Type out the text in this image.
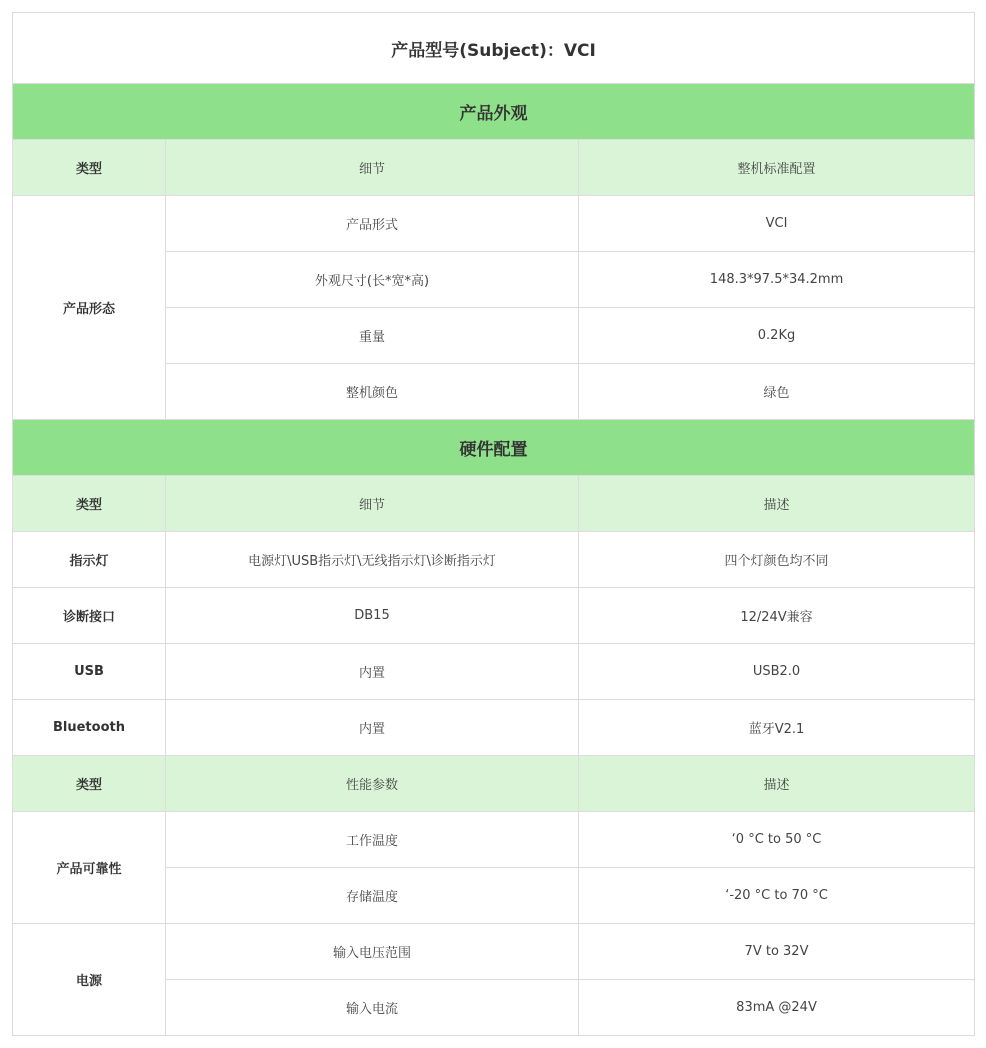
产品型号(Subject)：VCI		
产品外观		
类型	细节	整机标准配置
产品形态	产品形式	VCI
	外观尺寸(长*宽*高)	148.3*97.5*34.2mm
	重量	0.2Kg
	整机颜色	绿色
硬件配置		
类型	细节	描述
指示灯	电源灯\USB指示灯\无线指示灯\诊断指示灯	四个灯颜色均不同
诊断接口	DB15	12/24V兼容
USB	内置	USB2.0
Bluetooth	内置	蓝牙V2.1
类型	性能参数	描述
产品可靠性	工作温度	‘0 °C to 50 °C
	存储温度	‘-20 °C to 70 °C
电源	输入电压范围	7V to 32V
	输入电流	83mA @24V
